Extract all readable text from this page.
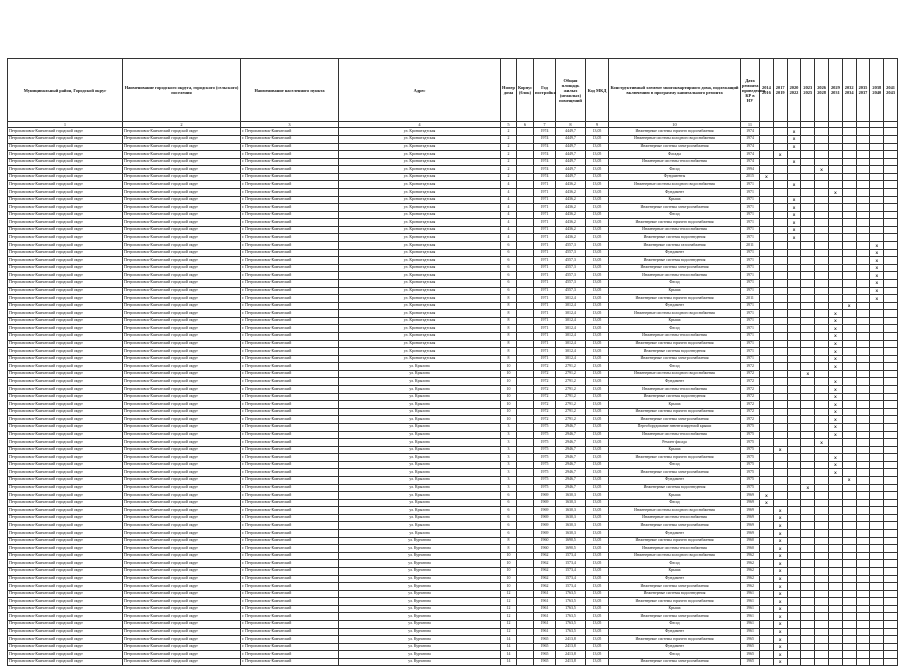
Муниципальный район, Городской округ	Наименование городского округа, городского (сельского) поселения	Наименование населенного пункта	Адрес	Номер дома	Корпус (блок)	Год постройки	Общая площадь жилых (нежилых) помещений	Код МКД	Конструктивный элемент многоквартирного дома, подлежащий включению в программу капитального ремонта	Дата ремонта проведения КР в НУ	2014 2016	2017 2019	2020 2022	2023 2025	2026 2028	2029 2031	2032 2034	2035 2037	2038 2040	2041 2043
1	2	3	4	5	6	7	8	9	10	11										
Петропавловск-Камчатский городской округ	Петропавловск-Камчатский городской округ	г. Петропавловск-Камчатский	ул. Кронштадтская	2		1974	4449,7	13,05	Инженерные системы горячего водоснабжения	1974			X							
Петропавловск-Камчатский городской округ	Петропавловск-Камчатский городской округ	г. Петропавловск-Камчатский	ул. Кронштадтская	2		1974	4449,7	13,05	Инженерные системы холодного водоснабжения	1974			X							
Петропавловск-Камчатский городской округ	Петропавловск-Камчатский городской округ	г. Петропавловск-Камчатский	ул. Кронштадтская	2		1974	4449,7	13,05	Инженерные системы электроснабжения	1974			X							
Петропавловск-Камчатский городской округ	Петропавловск-Камчатский городской округ	г. Петропавловск-Камчатский	ул. Кронштадтская	2		1974	4449,7	13,05	Фасады	1974		X								
Петропавловск-Камчатский городской округ	Петропавловск-Камчатский городской округ	г. Петропавловск-Камчатский	ул. Кронштадтская	2		1974	4449,7	13,05	Инженерные системы теплоснабжения	1974			X							
Петропавловск-Камчатский городской округ	Петропавловск-Камчатский городской округ	г. Петропавловск-Камчатский	ул. Кронштадтская	2		1974	4449,7	13,05	Фасад	1994					X					
Петропавловск-Камчатский городской округ	Петропавловск-Камчатский городской округ	г. Петропавловск-Камчатский	ул. Кронштадтская	2		1974	4449,7	13,05	Фундаменты	2015	X									
Петропавловск-Камчатский городской округ	Петропавловск-Камчатский городской округ	г. Петропавловск-Камчатский	ул. Кронштадтская	4		1971	4436,2	13,05	Инженерные системы холодного водоснабжения	1971			X							
Петропавловск-Камчатский городской округ	Петропавловск-Камчатский городской округ	г. Петропавловск-Камчатский	ул. Кронштадтская	4		1971	4436,2	13,05	Фундамент	1971						X				
Петропавловск-Камчатский городской округ	Петропавловск-Камчатский городской округ	г. Петропавловск-Камчатский	ул. Кронштадтская	4		1971	4436,2	13,05	Крыша	1971			X							
Петропавловск-Камчатский городской округ	Петропавловск-Камчатский городской округ	г. Петропавловск-Камчатский	ул. Кронштадтская	4		1971	4436,2	13,05	Инженерные системы электроснабжения	1971			X							
Петропавловск-Камчатский городской округ	Петропавловск-Камчатский городской округ	г. Петропавловск-Камчатский	ул. Кронштадтская	4		1971	4436,2	13,05	Фасад	1971			X							
Петропавловск-Камчатский городской округ	Петропавловск-Камчатский городской округ	г. Петропавловск-Камчатский	ул. Кронштадтская	4		1971	4436,2	13,05	Инженерные системы горячего водоснабжения	1971			X							
Петропавловск-Камчатский городской округ	Петропавловск-Камчатский городской округ	г. Петропавловск-Камчатский	ул. Кронштадтская	4		1971	4436,2	13,05	Инженерные системы теплоснабжения	1971			X							
Петропавловск-Камчатский городской округ	Петропавловск-Камчатский городской округ	г. Петропавловск-Камчатский	ул. Кронштадтская	4		1971	4436,2	13,05	Инженерные системы водоотведения	1971			X							
Петропавловск-Камчатский городской округ	Петропавловск-Камчатский городской округ	г. Петропавловск-Камчатский	ул. Кронштадтская	6		1971	4557,3	13,05	Инженерные системы газоснабжения	2011									X	
Петропавловск-Камчатский городской округ	Петропавловск-Камчатский городской округ	г. Петропавловск-Камчатский	ул. Кронштадтская	6		1971	4557,3	13,05	Фундамент	1971									X	
Петропавловск-Камчатский городской округ	Петропавловск-Камчатский городской округ	г. Петропавловск-Камчатский	ул. Кронштадтская	6		1971	4557,3	13,05	Инженерные системы водоотведения	1971									X	
Петропавловск-Камчатский городской округ	Петропавловск-Камчатский городской округ	г. Петропавловск-Камчатский	ул. Кронштадтская	6		1971	4557,3	13,05	Инженерные системы электроснабжения	1971									X	
Петропавловск-Камчатский городской округ	Петропавловск-Камчатский городской округ	г. Петропавловск-Камчатский	ул. Кронштадтская	6		1971	4557,3	13,05	Инженерные системы теплоснабжения	1971									X	
Петропавловск-Камчатский городской округ	Петропавловск-Камчатский городской округ	г. Петропавловск-Камчатский	ул. Кронштадтская	6		1971	4557,3	13,05	Фасад	1971									X	
Петропавловск-Камчатский городской округ	Петропавловск-Камчатский городской округ	г. Петропавловск-Камчатский	ул. Кронштадтская	6		1971	4557,3	13,05	Крыша	1971									X	
Петропавловск-Камчатский городской округ	Петропавловск-Камчатский городской округ	г. Петропавловск-Камчатский	ул. Кронштадтская	8		1971	3012,4	13,05	Инженерные системы горячего водоснабжения	2011									X	
Петропавловск-Камчатский городской округ	Петропавловск-Камчатский городской округ	г. Петропавловск-Камчатский	ул. Кронштадтская	8		1971	3012,4	13,05	Фундамент	1971							X			
Петропавловск-Камчатский городской округ	Петропавловск-Камчатский городской округ	г. Петропавловск-Камчатский	ул. Кронштадтская	8		1971	3012,4	13,05	Инженерные системы холодного водоснабжения	1971						X				
Петропавловск-Камчатский городской округ	Петропавловск-Камчатский городской округ	г. Петропавловск-Камчатский	ул. Кронштадтская	8		1971	3012,4	13,05	Крыша	1971						X				
Петропавловск-Камчатский городской округ	Петропавловск-Камчатский городской округ	г. Петропавловск-Камчатский	ул. Кронштадтская	8		1971	3012,4	13,05	Фасад	1971						X				
Петропавловск-Камчатский городской округ	Петропавловск-Камчатский городской округ	г. Петропавловск-Камчатский	ул. Кронштадтская	8		1971	3012,4	13,05	Инженерные системы теплоснабжения	1971						X				
Петропавловск-Камчатский городской округ	Петропавловск-Камчатский городской округ	г. Петропавловск-Камчатский	ул. Кронштадтская	8		1971	3012,4	13,05	Инженерные системы горячего водоснабжения	1971						X				
Петропавловск-Камчатский городской округ	Петропавловск-Камчатский городской округ	г. Петропавловск-Камчатский	ул. Кронштадтская	8		1971	3012,4	13,05	Инженерные системы водоотведения	1971						X				
Петропавловск-Камчатский городской округ	Петропавловск-Камчатский городской округ	г. Петропавловск-Камчатский	ул. Кронштадтская	8		1971	3012,4	13,05	Инженерные системы электроснабжения	1971						X				
Петропавловск-Камчатский городской округ	Петропавловск-Камчатский городской округ	г. Петропавловск-Камчатский	ул. Крылова	10		1972	2791,2	13,05	Фасад	1972						X				
Петропавловск-Камчатский городской округ	Петропавловск-Камчатский городской округ	г. Петропавловск-Камчатский	ул. Крылова	10		1972	2791,2	13,05	Инженерные системы холодного водоснабжения	1972				X						
Петропавловск-Камчатский городской округ	Петропавловск-Камчатский городской округ	г. Петропавловск-Камчатский	ул. Крылова	10		1972	2791,2	13,05	Фундамент	1972						X				
Петропавловск-Камчатский городской округ	Петропавловск-Камчатский городской округ	г. Петропавловск-Камчатский	ул. Крылова	10		1972	2791,2	13,05	Инженерные системы теплоснабжения	1972						X				
Петропавловск-Камчатский городской округ	Петропавловск-Камчатский городской округ	г. Петропавловск-Камчатский	ул. Крылова	10		1972	2791,2	13,05	Инженерные системы водоотведения	1972						X				
Петропавловск-Камчатский городской округ	Петропавловск-Камчатский городской округ	г. Петропавловск-Камчатский	ул. Крылова	10		1972	2791,2	13,05	Крыша	1972						X				
Петропавловск-Камчатский городской округ	Петропавловск-Камчатский городской округ	г. Петропавловск-Камчатский	ул. Крылова	10		1972	2791,2	13,05	Инженерные системы горячего водоснабжения	1972						X				
Петропавловск-Камчатский городской округ	Петропавловск-Камчатский городской округ	г. Петропавловск-Камчатский	ул. Крылова	10		1972	2791,2	13,05	Инженерные системы электроснабжения	1972						X				
Петропавловск-Камчатский городской округ	Петропавловск-Камчатский городской округ	г. Петропавловск-Камчатский	ул. Крылова	3		1975	2946,7	13,05	Переоборудование невентилируемой крыши	1975						X				
Петропавловск-Камчатский городской округ	Петропавловск-Камчатский городской округ	г. Петропавловск-Камчатский	ул. Крылова	3		1975	2946,7	13,05	Инженерные системы теплоснабжения	1975						X				
Петропавловск-Камчатский городской округ	Петропавловск-Камчатский городской округ	г. Петропавловск-Камчатский	ул. Крылова	3		1975	2946,7	13,05	Ремонт фасада	1975					X					
Петропавловск-Камчатский городской округ	Петропавловск-Камчатский городской округ	г. Петропавловск-Камчатский	ул. Крылова	3		1975	2946,7	13,05	Крыша	1975		X								
Петропавловск-Камчатский городской округ	Петропавловск-Камчатский городской округ	г. Петропавловск-Камчатский	ул. Крылова	3		1975	2946,7	13,05	Инженерные системы горячего водоснабжения	1975						X				
Петропавловск-Камчатский городской округ	Петропавловск-Камчатский городской округ	г. Петропавловск-Камчатский	ул. Крылова	3		1975	2946,7	13,05	Фасад	1975						X				
Петропавловск-Камчатский городской округ	Петропавловск-Камчатский городской округ	г. Петропавловск-Камчатский	ул. Крылова	3		1975	2946,7	13,05	Инженерные системы электроснабжения	1975						X				
Петропавловск-Камчатский городской округ	Петропавловск-Камчатский городской округ	г. Петропавловск-Камчатский	ул. Крылова	3		1975	2946,7	13,05	Фундамент	1975							X			
Петропавловск-Камчатский городской округ	Петропавловск-Камчатский городской округ	г. Петропавловск-Камчатский	ул. Крылова	3		1975	2946,7	13,05	Инженерные системы водоотведения	1975				X						
Петропавловск-Камчатский городской округ	Петропавловск-Камчатский городской округ	г. Петропавловск-Камчатский	ул. Крылова	6		1969	1630,3	13,05	Крыша	1969	X									
Петропавловск-Камчатский городской округ	Петропавловск-Камчатский городской округ	г. Петропавловск-Камчатский	ул. Крылова	6		1969	1630,3	13,05	Фасад	1969	X									
Петропавловск-Камчатский городской округ	Петропавловск-Камчатский городской округ	г. Петропавловск-Камчатский	ул. Крылова	6		1969	1630,3	13,05	Инженерные системы холодного водоснабжения	1969		X								
Петропавловск-Камчатский городской округ	Петропавловск-Камчатский городской округ	г. Петропавловск-Камчатский	ул. Крылова	6		1969	1630,3	13,05	Инженерные системы теплоснабжения	1969		X								
Петропавловск-Камчатский городской округ	Петропавловск-Камчатский городской округ	г. Петропавловск-Камчатский	ул. Крылова	6		1969	1630,3	13,05	Инженерные системы электроснабжения	1969		X								
Петропавловск-Камчатский городской округ	Петропавловск-Камчатский городской округ	г. Петропавловск-Камчатский	ул. Крылова	6		1969	1630,3	13,05	Фундамент	1969		X								
Петропавловск-Камчатский городской округ	Петропавловск-Камчатский городской округ	г. Петропавловск-Камчатский	ул. Курчатова	8		1960	1690,5	13,05	Инженерные системы горячего водоснабжения	1960		X								
Петропавловск-Камчатский городской округ	Петропавловск-Камчатский городской округ	г. Петропавловск-Камчатский	ул. Курчатова	8		1960	1690,5	13,05	Инженерные системы теплоснабжения	1960		X								
Петропавловск-Камчатский городской округ	Петропавловск-Камчатский городской округ	г. Петропавловск-Камчатский	ул. Курчатова	10		1962	1573,4	13,05	Инженерные системы холодного водоснабжения	1962		X								
Петропавловск-Камчатский городской округ	Петропавловск-Камчатский городской округ	г. Петропавловск-Камчатский	ул. Курчатова	10		1962	1573,4	13,05	Фасад	1962		X								
Петропавловск-Камчатский городской округ	Петропавловск-Камчатский городской округ	г. Петропавловск-Камчатский	ул. Курчатова	10		1962	1573,4	13,05	Крыша	1962		X								
Петропавловск-Камчатский городской округ	Петропавловск-Камчатский городской округ	г. Петропавловск-Камчатский	ул. Курчатова	10		1962	1573,4	13,05	Фундамент	1962		X								
Петропавловск-Камчатский городской округ	Петропавловск-Камчатский городской округ	г. Петропавловск-Камчатский	ул. Курчатова	10		1962	1573,4	13,05	Инженерные системы электроснабжения	1962		X								
Петропавловск-Камчатский городской округ	Петропавловск-Камчатский городской округ	г. Петропавловск-Камчатский	ул. Курчатова	12		1961	1763,5	13,05	Инженерные системы водоотведения	1961		X								
Петропавловск-Камчатский городской округ	Петропавловск-Камчатский городской округ	г. Петропавловск-Камчатский	ул. Курчатова	12		1961	1763,5	13,05	Инженерные системы горячего водоснабжения	1961		X								
Петропавловск-Камчатский городской округ	Петропавловск-Камчатский городской округ	г. Петропавловск-Камчатский	ул. Курчатова	12		1961	1763,5	13,05	Крыша	1961		X								
Петропавловск-Камчатский городской округ	Петропавловск-Камчатский городской округ	г. Петропавловск-Камчатский	ул. Курчатова	12		1961	1763,5	13,05	Инженерные системы электроснабжения	1961		X								
Петропавловск-Камчатский городской округ	Петропавловск-Камчатский городской округ	г. Петропавловск-Камчатский	ул. Курчатова	12		1961	1763,5	13,05	Фасад	1961		X								
Петропавловск-Камчатский городской округ	Петропавловск-Камчатский городской округ	г. Петропавловск-Камчатский	ул. Курчатова	12		1961	1763,5	13,05	Фундамент	1961		X								
Петропавловск-Камчатский городской округ	Петропавловск-Камчатский городской округ	г. Петропавловск-Камчатский	ул. Курчатова	14		1965	2413,8	13,05	Инженерные системы горячего водоснабжения	1965		X								
Петропавловск-Камчатский городской округ	Петропавловск-Камчатский городской округ	г. Петропавловск-Камчатский	ул. Курчатова	14		1965	2413,8	13,05	Фундамент	1965		X								
Петропавловск-Камчатский городской округ	Петропавловск-Камчатский городской округ	г. Петропавловск-Камчатский	ул. Курчатова	14		1965	2413,8	13,05	Фасад	1965		X								
Петропавловск-Камчатский городской округ	Петропавловск-Камчатский городской округ	г. Петропавловск-Камчатский	ул. Курчатова	14		1965	2413,8	13,05	Инженерные системы электроснабжения	1965		X								
